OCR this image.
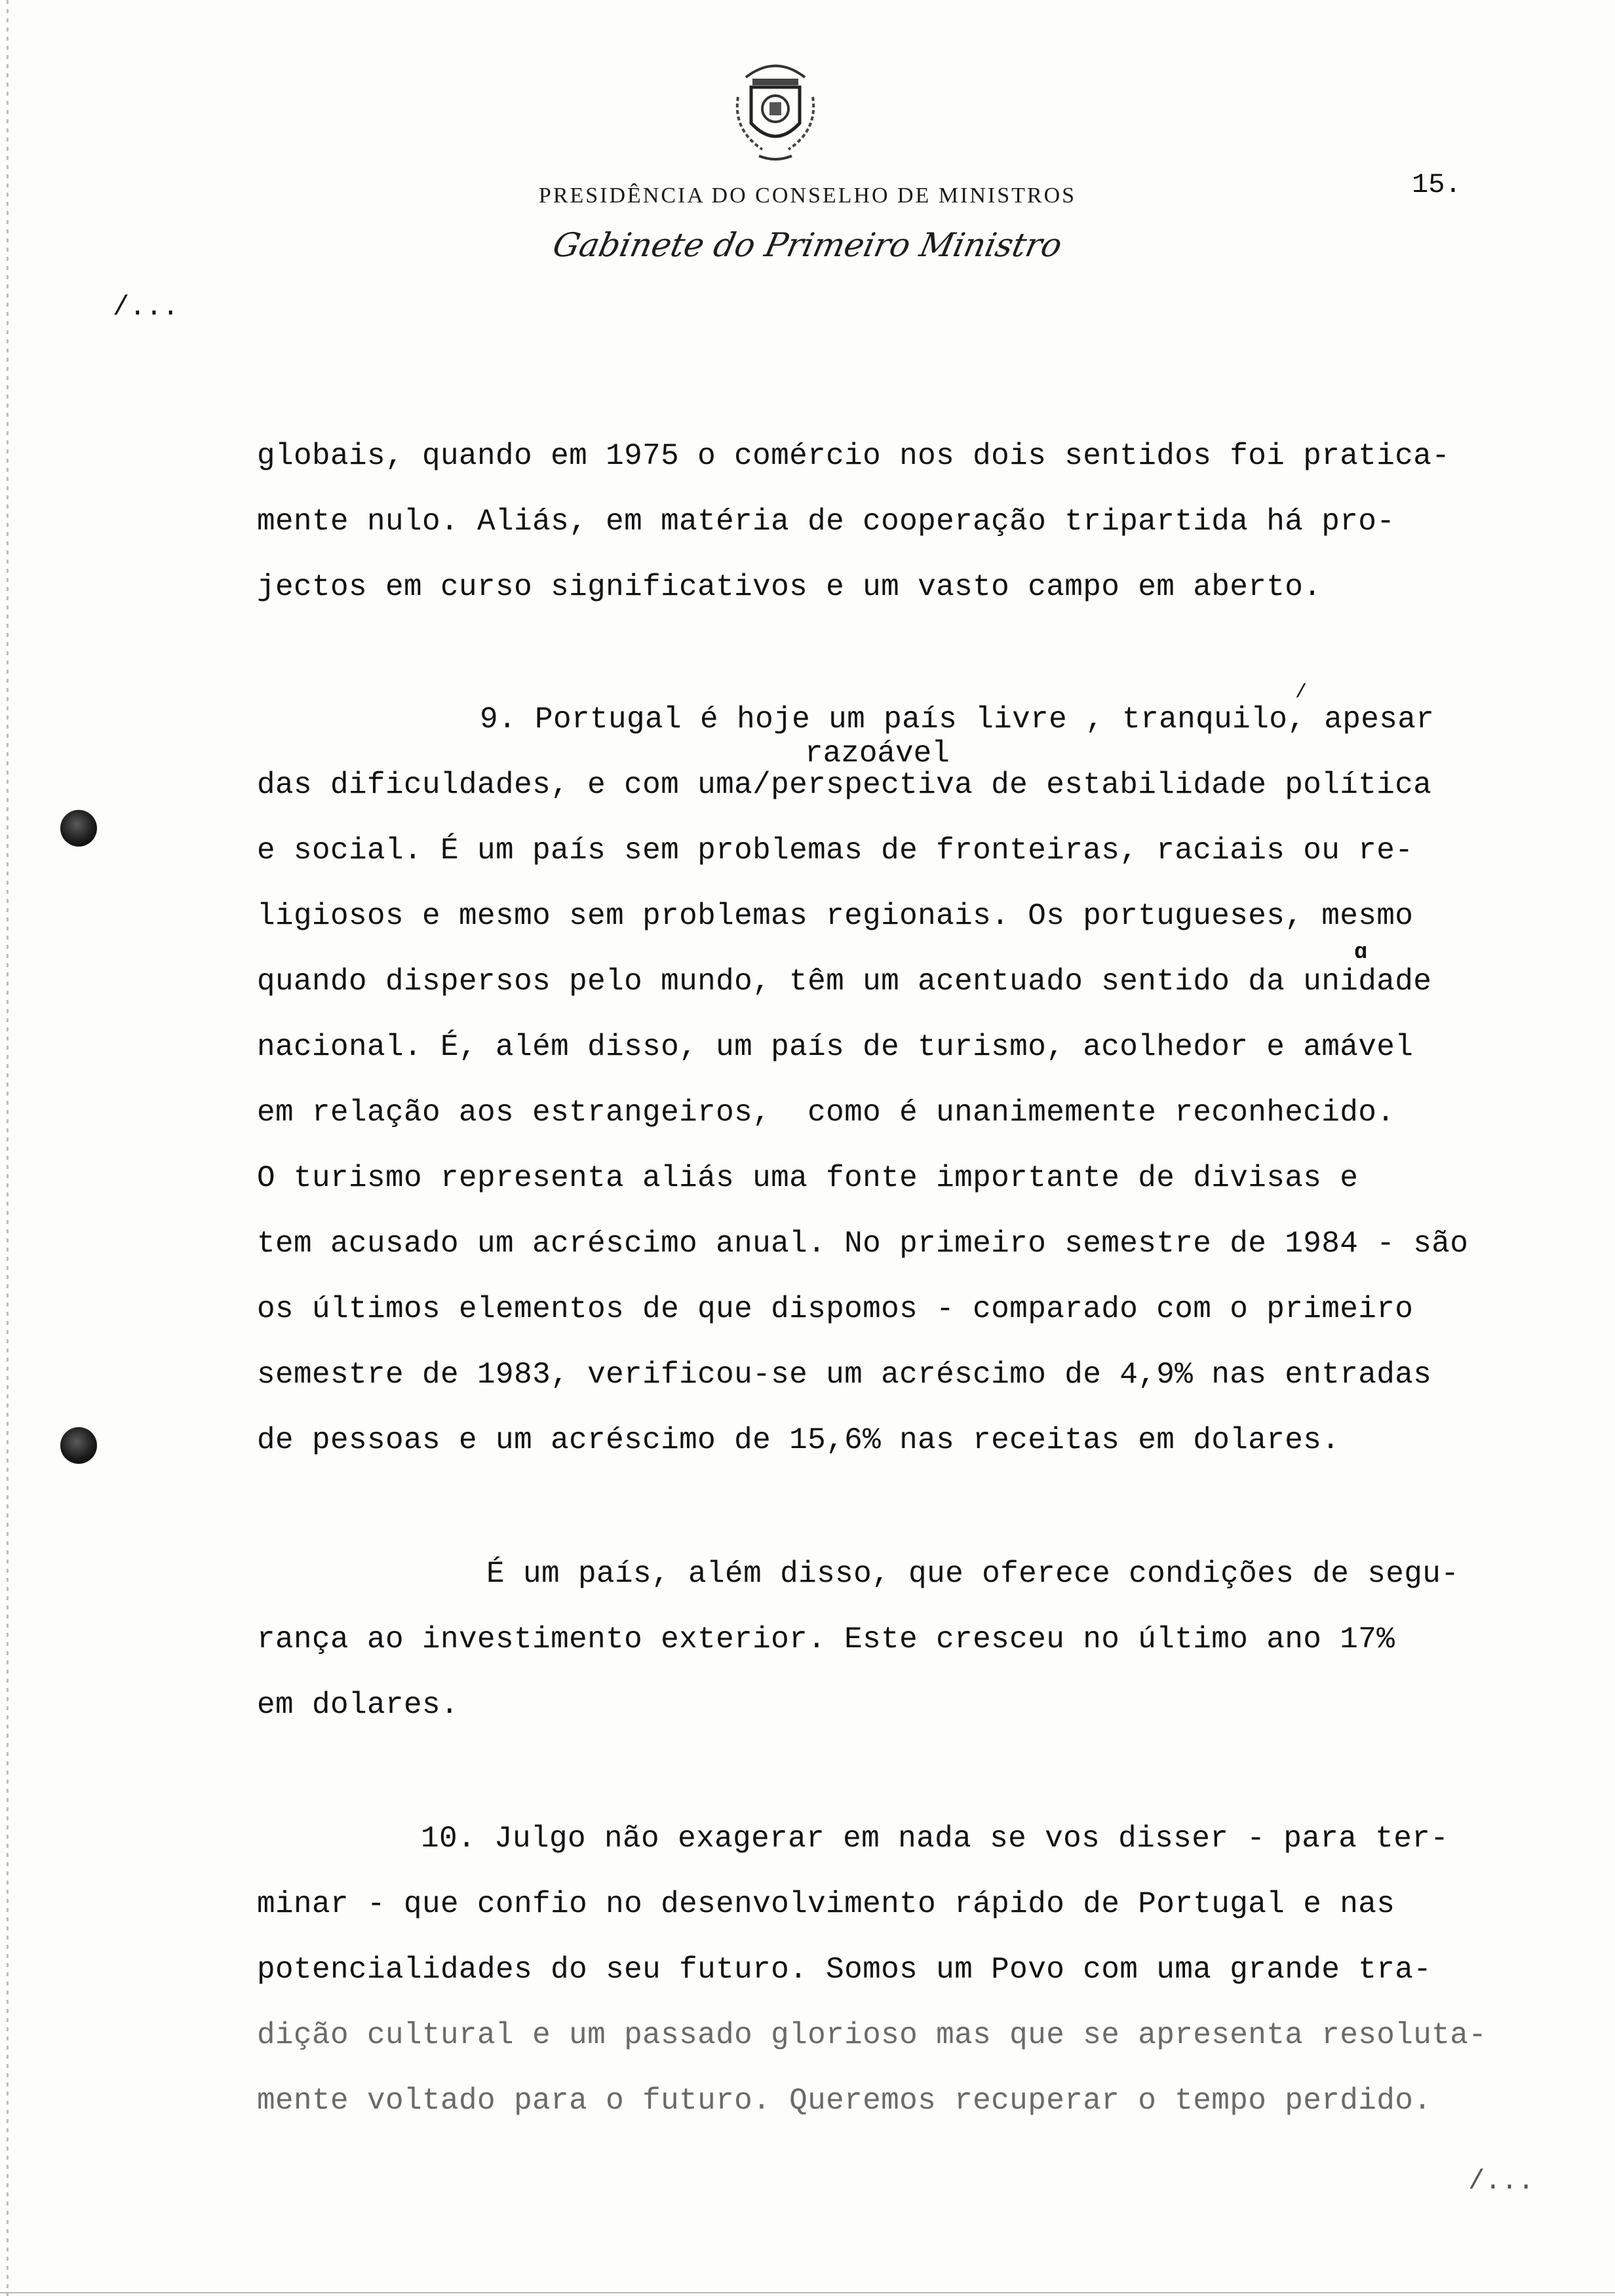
PRESIDÊNCIA DO CONSELHO DE MINISTROS
Gabinete do Primeiro Ministro
15.
/...
globais, quando em 1975 o comércio nos dois sentidos foi pratica-
mente nulo. Aliás, em matéria de cooperação tripartida há pro-
jectos em curso significativos e um vasto campo em aberto.
/
9. Portugal é hoje um país livre , tranquilo, apesar
razoável
das dificuldades, e com uma/perspectiva de estabilidade política
e social. É um país sem problemas de fronteiras, raciais ou re-
ligiosos e mesmo sem problemas regionais. Os portugueses, mesmo
ɑ
quando dispersos pelo mundo, têm um acentuado sentido da unidade
nacional. É, além disso, um país de turismo, acolhedor e amável
em relação aos estrangeiros,  como é unanimemente reconhecido.
O turismo representa aliás uma fonte importante de divisas e
tem acusado um acréscimo anual. No primeiro semestre de 1984 - são
os últimos elementos de que dispomos - comparado com o primeiro
semestre de 1983, verificou-se um acréscimo de 4,9% nas entradas
de pessoas e um acréscimo de 15,6% nas receitas em dolares.
É um país, além disso, que oferece condições de segu-
rança ao investimento exterior. Este cresceu no último ano 17%
em dolares.
10. Julgo não exagerar em nada se vos disser - para ter-
minar - que confio no desenvolvimento rápido de Portugal e nas
potencialidades do seu futuro. Somos um Povo com uma grande tra-
dição cultural e um passado glorioso mas que se apresenta resoluta-
mente voltado para o futuro. Queremos recuperar o tempo perdido.
/...
